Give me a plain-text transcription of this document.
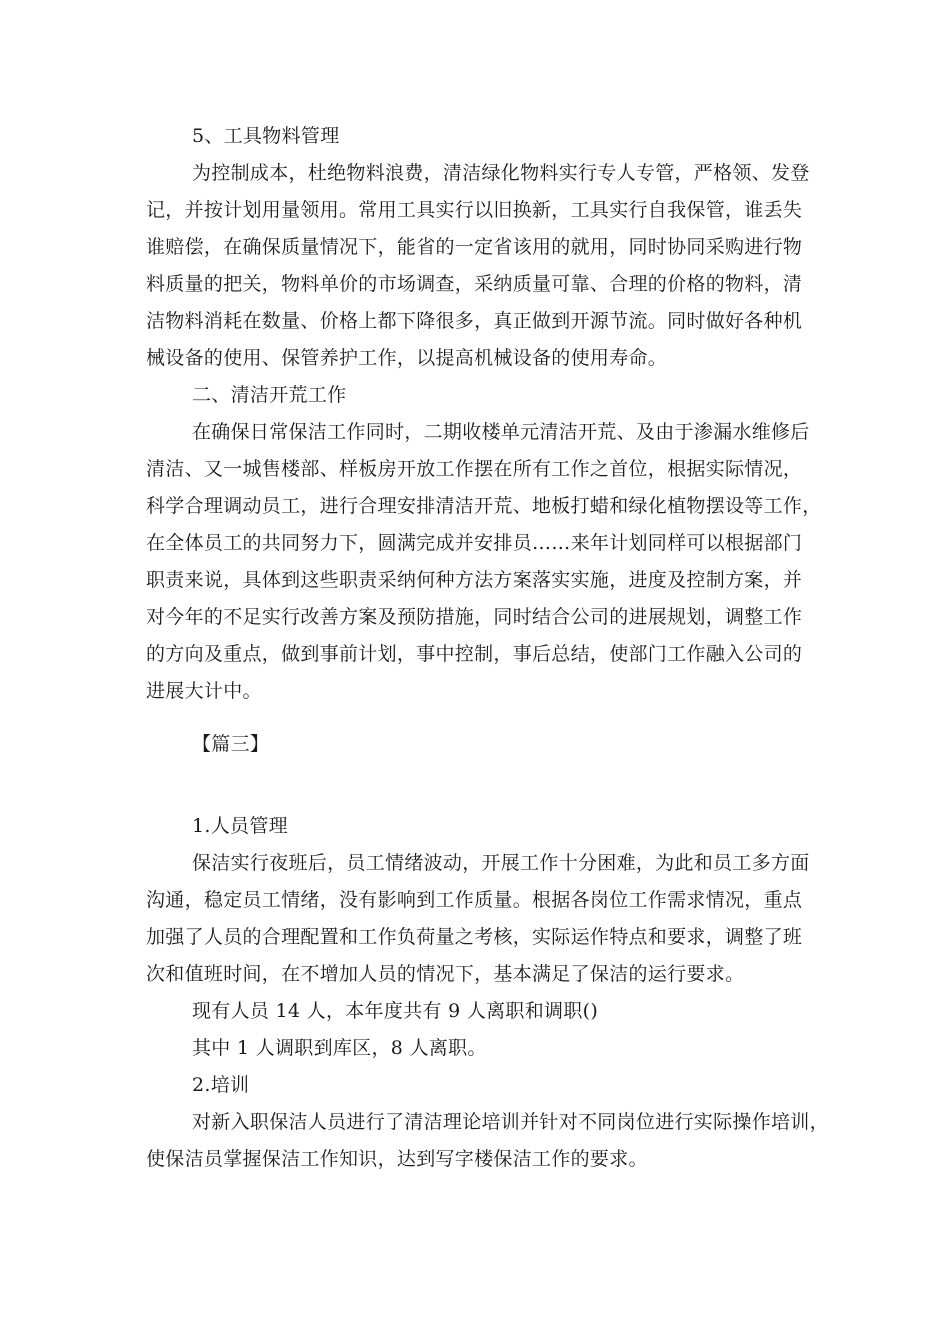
5、工具物料管理
为控制成本，杜绝物料浪费，清洁绿化物料实行专人专管，严格领、发登
记，并按计划用量领用。常用工具实行以旧换新，工具实行自我保管，谁丢失
谁赔偿，在确保质量情况下，能省的一定省该用的就用，同时协同采购进行物
料质量的把关，物料单价的市场调查，采纳质量可靠、合理的价格的物料，清
洁物料消耗在数量、价格上都下降很多，真正做到开源节流。同时做好各种机
械设备的使用、保管养护工作，以提高机械设备的使用寿命。
二、清洁开荒工作
在确保日常保洁工作同时，二期收楼单元清洁开荒、及由于渗漏水维修后
清洁、又一城售楼部、样板房开放工作摆在所有工作之首位，根据实际情况，
科学合理调动员工，进行合理安排清洁开荒、地板打蜡和绿化植物摆设等工作，
在全体员工的共同努力下，圆满完成并安排员……来年计划同样可以根据部门
职责来说，具体到这些职责采纳何种方法方案落实实施，进度及控制方案，并
对今年的不足实行改善方案及预防措施，同时结合公司的进展规划，调整工作
的方向及重点，做到事前计划，事中控制，事后总结，使部门工作融入公司的
进展大计中。
【篇三】
1.人员管理
保洁实行夜班后，员工情绪波动，开展工作十分困难，为此和员工多方面
沟通，稳定员工情绪，没有影响到工作质量。根据各岗位工作需求情况，重点
加强了人员的合理配置和工作负荷量之考核，实际运作特点和要求，调整了班
次和值班时间，在不增加人员的情况下，基本满足了保洁的运行要求。
现有人员 14 人，本年度共有 9 人离职和调职()
其中 1 人调职到库区，8 人离职。
2.培训
对新入职保洁人员进行了清洁理论培训并针对不同岗位进行实际操作培训，
使保洁员掌握保洁工作知识，达到写字楼保洁工作的要求。
